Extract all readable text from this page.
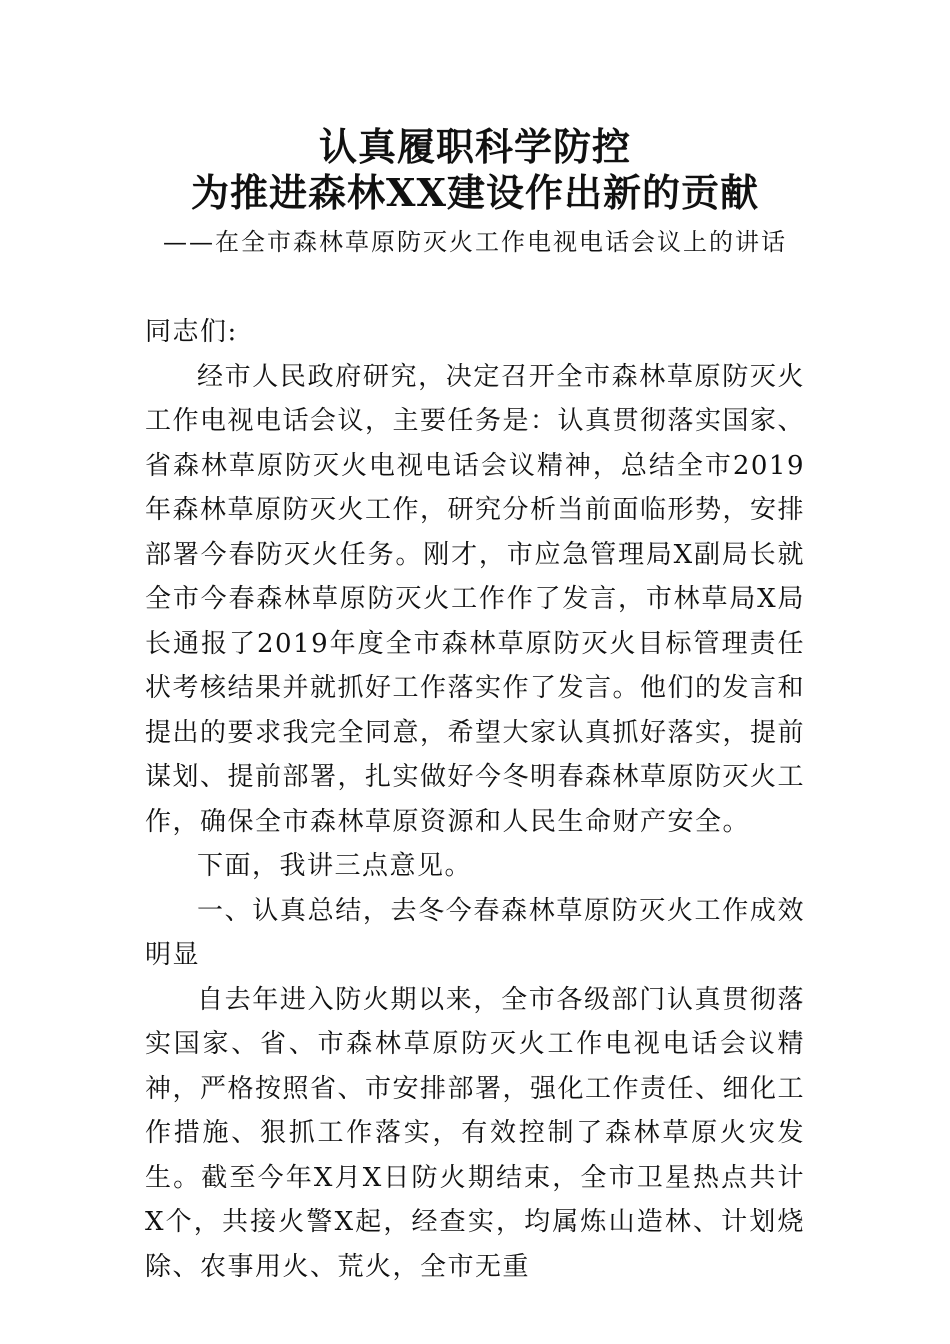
认真履职科学防控
为推进森林XX建设作出新的贡献
——在全市森林草原防灭火工作电视电话会议上的讲话

同志们:

经市人民政府研究，决定召开全市森林草原防灭火工作电视电话会议，主要任务是：认真贯彻落实国家、省森林草原防灭火电视电话会议精神，总结全市2019年森林草原防灭火工作，研究分析当前面临形势，安排部署今春防灭火任务。刚才，市应急管理局X副局长就全市今春森林草原防灭火工作作了发言，市林草局X局长通报了2019年度全市森林草原防灭火目标管理责任状考核结果并就抓好工作落实作了发言。他们的发言和提出的要求我完全同意，希望大家认真抓好落实，提前谋划、提前部署，扎实做好今冬明春森林草原防灭火工作，确保全市森林草原资源和人民生命财产安全。

下面，我讲三点意见。

一、认真总结，去冬今春森林草原防灭火工作成效明显

自去年进入防火期以来，全市各级部门认真贯彻落实国家、省、市森林草原防灭火工作电视电话会议精神，严格按照省、市安排部署，强化工作责任、细化工作措施、狠抓工作落实，有效控制了森林草原火灾发生。截至今年X月X日防火期结束，全市卫星热点共计X个，共接火警X起，经查实，均属炼山造林、计划烧除、农事用火、荒火，全市无重
